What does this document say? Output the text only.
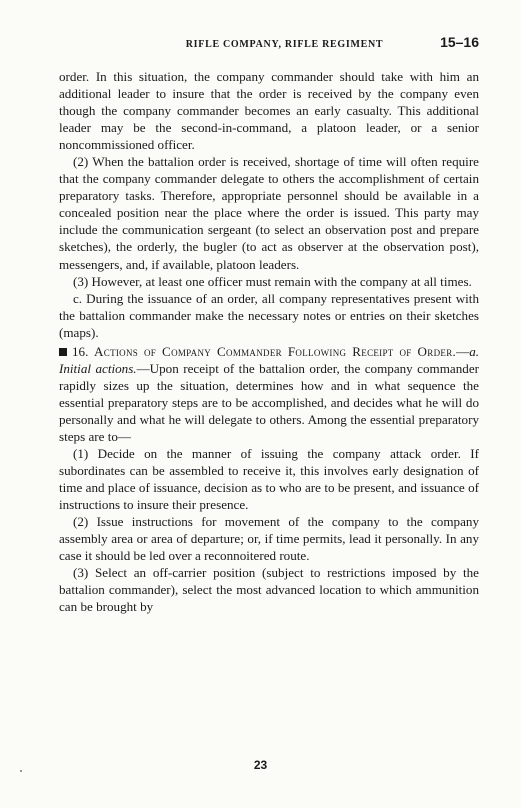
RIFLE COMPANY, RIFLE REGIMENT	15–16

order. In this situation, the company commander should take with him an additional leader to insure that the order is received by the company even though the company commander becomes an early casualty. This additional leader may be the second-in-command, a platoon leader, or a senior noncommissioned officer.

(2) When the battalion order is received, shortage of time will often require that the company commander delegate to others the accomplishment of certain preparatory tasks. Therefore, appropriate personnel should be available in a concealed position near the place where the order is issued. This party may include the communication sergeant (to select an observation post and prepare sketches), the orderly, the bugler (to act as observer at the observation post), messengers, and, if available, platoon leaders.

(3) However, at least one officer must remain with the company at all times.

c. During the issuance of an order, all company representatives present with the battalion commander make the necessary notes or entries on their sketches (maps).

16. Actions of Company Commander Following Receipt of Order.—a. Initial actions.—Upon receipt of the battalion order, the company commander rapidly sizes up the situation, determines how and in what sequence the essential preparatory steps are to be accomplished, and decides what he will do personally and what he will delegate to others. Among the essential preparatory steps are to—

(1) Decide on the manner of issuing the company attack order. If subordinates can be assembled to receive it, this involves early designation of time and place of issuance, decision as to who are to be present, and issuance of instructions to insure their presence.

(2) Issue instructions for movement of the company to the company assembly area or area of departure; or, if time permits, lead it personally. In any case it should be led over a reconnoitered route.

(3) Select an off-carrier position (subject to restrictions imposed by the battalion commander), select the most advanced location to which ammunition can be brought by

23
